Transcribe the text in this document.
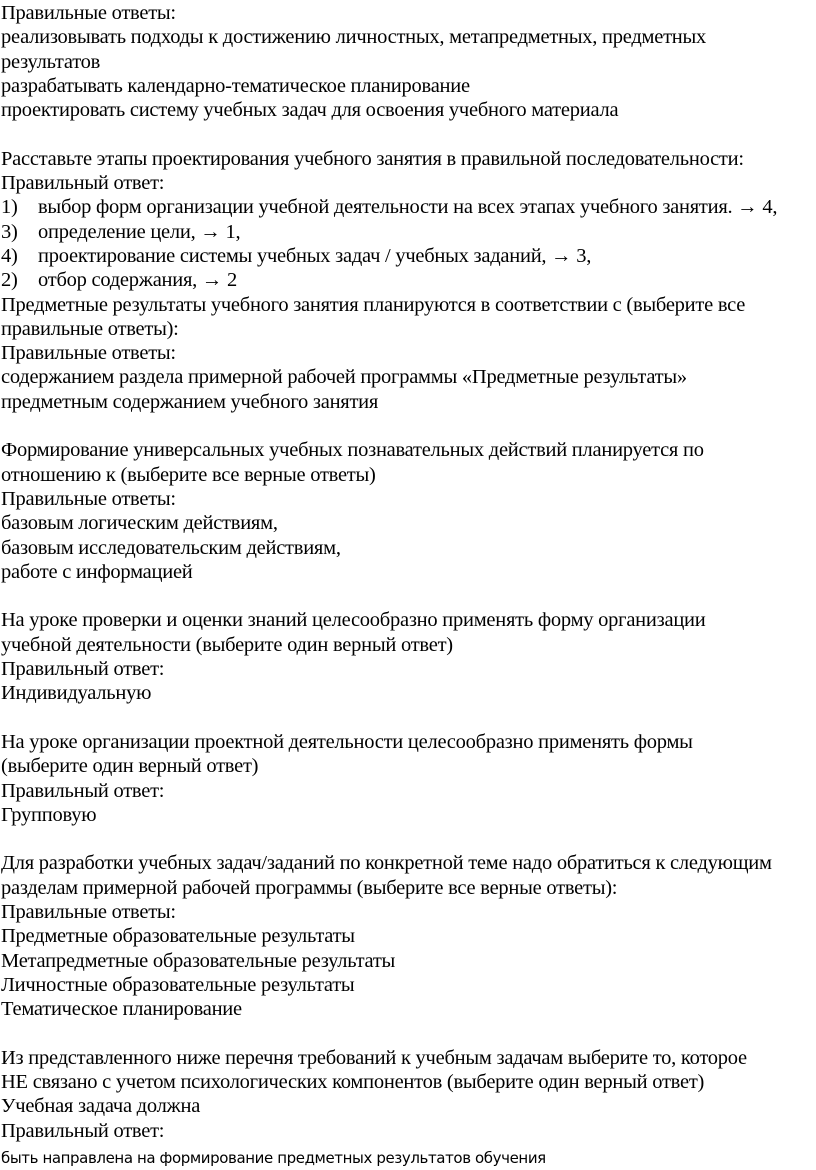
Правильные ответы:
реализовывать подходы к достижению личностных, метапредметных, предметных
результатов
разрабатывать календарно-тематическое планирование
проектировать систему учебных задач для освоения учебного материала
Расставьте этапы проектирования учебного занятия в правильной последовательности:
Правильный ответ:
1) выбор форм организации учебной деятельности на всех этапах учебного занятия. → 4,
3) определение цели, → 1,
4) проектирование системы учебных задач / учебных заданий, → 3,
2) отбор содержания, → 2
Предметные результаты учебного занятия планируются в соответствии с (выберите все
правильные ответы):
Правильные ответы:
содержанием раздела примерной рабочей программы «Предметные результаты»
предметным содержанием учебного занятия
Формирование универсальных учебных познавательных действий планируется по
отношению к (выберите все верные ответы)
Правильные ответы:
базовым логическим действиям,
базовым исследовательским действиям,
работе с информацией
На уроке проверки и оценки знаний целесообразно применять форму организации
учебной деятельности (выберите один верный ответ)
Правильный ответ:
Индивидуальную
На уроке организации проектной деятельности целесообразно применять формы
(выберите один верный ответ)
Правильный ответ:
Групповую
Для разработки учебных задач/заданий по конкретной теме надо обратиться к следующим
разделам примерной рабочей программы (выберите все верные ответы):
Правильные ответы:
Предметные образовательные результаты
Метапредметные образовательные результаты
Личностные образовательные результаты
Тематическое планирование
Из представленного ниже перечня требований к учебным задачам выберите то, которое
НЕ связано с учетом психологических компонентов (выберите один верный ответ)
Учебная задача должна
Правильный ответ:
быть направлена на формирование предметных результатов обучения
